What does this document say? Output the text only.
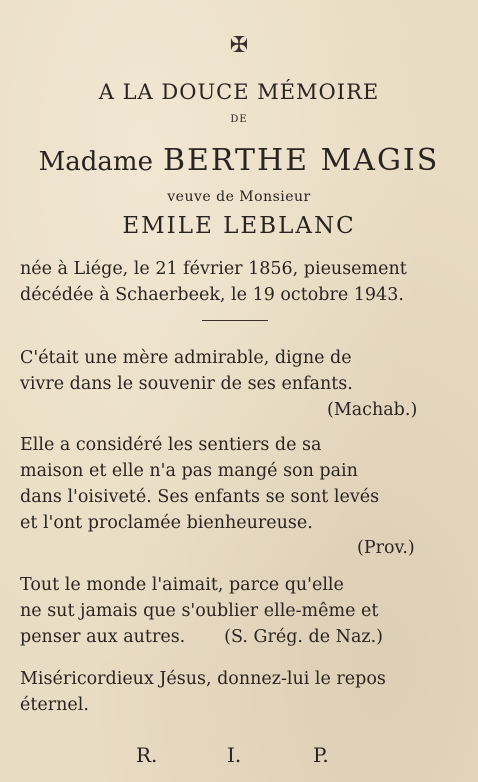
✠
A LA DOUCE MÉMOIRE
DE
Madame BERTHE MAGIS
veuve de Monsieur
EMILE LEBLANC
née à Liége, le 21 février 1856, pieusement
décédée à Schaerbeek, le 19 octobre 1943.
C'était une mère admirable, digne de
vivre dans le souvenir de ses enfants.
(Machab.)
Elle a considéré les sentiers de sa
maison et elle n'a pas mangé son pain
dans l'oisiveté. Ses enfants se sont levés
et l'ont proclamée bienheureuse.
(Prov.)
Tout le monde l'aimait, parce qu'elle
ne sut jamais que s'oublier elle-même et
penser aux autres.       (S. Grég. de Naz.)
Miséricordieux Jésus, donnez-lui le repos
éternel.
R.	I.	P.
